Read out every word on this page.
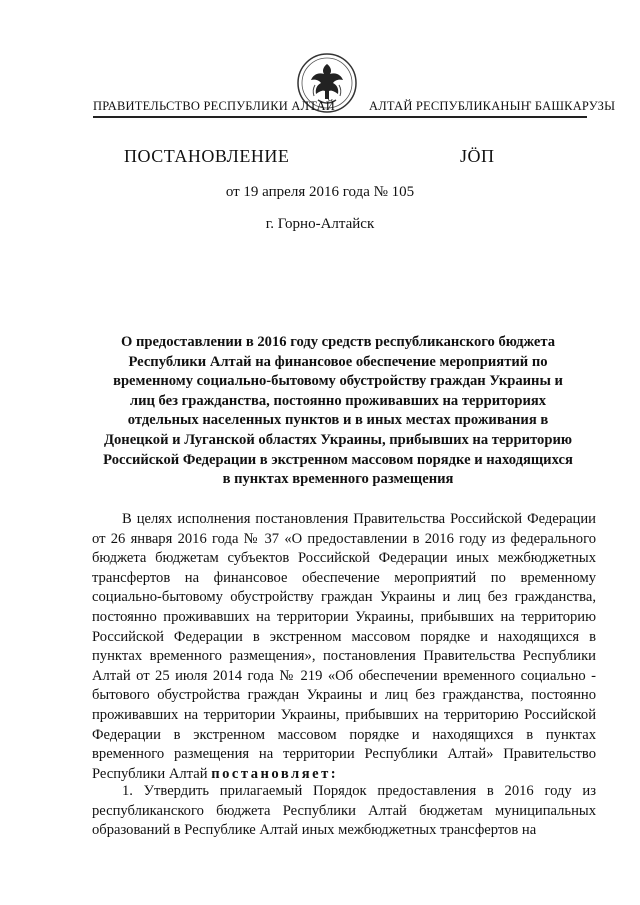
ПРАВИТЕЛЬСТВО РЕСПУБЛИКИ АЛТАЙ	АЛТАЙ РЕСПУБЛИКАНЫҤ БАШКАРУЗЫ
ПОСТАНОВЛЕНИЕ	JӦП
от 19 апреля 2016 года № 105
г. Горно-Алтайск
О предоставлении в 2016 году средств республиканского бюджета Республики Алтай на финансовое обеспечение мероприятий по временному социально-бытовому обустройству граждан Украины и лиц без гражданства, постоянно проживавших на территориях отдельных населенных пунктов и в иных местах проживания в Донецкой и Луганской областях Украины, прибывших на территорию Российской Федерации в экстренном массовом порядке и находящихся в пунктах временного размещения
В целях исполнения постановления Правительства Российской Федерации от 26 января 2016 года № 37 «О предоставлении в 2016 году из федерального бюджета бюджетам субъектов Российской Федерации иных межбюджетных трансфертов на финансовое обеспечение мероприятий по временному социально-бытовому обустройству граждан Украины и лиц без гражданства, постоянно проживавших на территории Украины, прибывших на территорию Российской Федерации в экстренном массовом порядке и находящихся в пунктах временного размещения», постановления Правительства Республики Алтай от 25 июля 2014 года № 219 «Об обеспечении временного социально - бытового обустройства граждан Украины и лиц без гражданства, постоянно проживавших на территории Украины, прибывших на территорию Российской Федерации в экстренном массовом порядке и находящихся в пунктах временного размещения на территории Республики Алтай» Правительство Республики Алтай постановляет:
1. Утвердить прилагаемый Порядок предоставления в 2016 году из республиканского бюджета Республики Алтай бюджетам муниципальных образований в Республике Алтай иных межбюджетных трансфертов на
